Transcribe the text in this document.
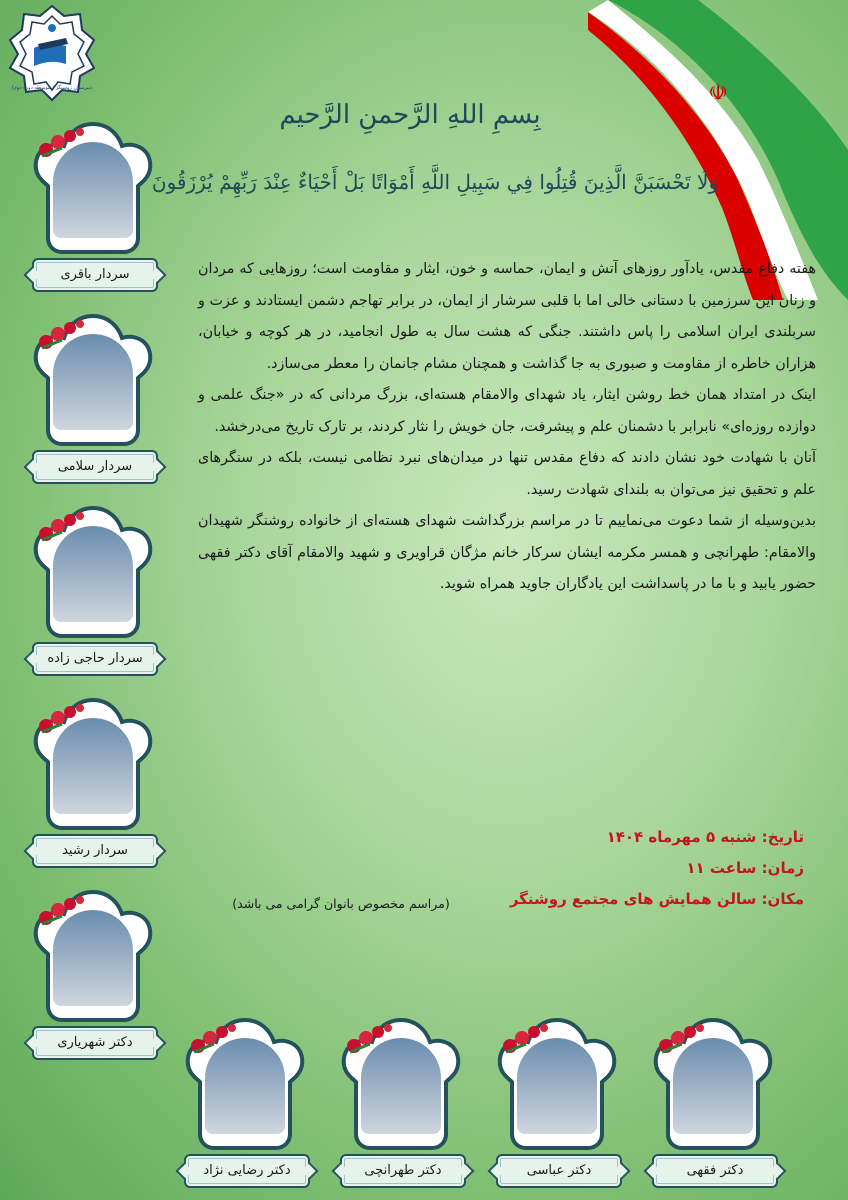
☫
دبیرستان روشنگر (متوسطه دوره دوم)
بِسمِ اللهِ الرَّحمنِ الرَّحیم
وَلَا تَحْسَبَنَّ الَّذِينَ قُتِلُوا فِي سَبِيلِ اللَّهِ أَمْوَاتًا بَلْ أَحْيَاءٌ عِنْدَ رَبِّهِمْ يُرْزَقُونَ

هفته دفاع مقدس، یادآور روزهای آتش و ایمان، حماسه و خون، ایثار و مقاومت است؛ روزهایی که مردان و زنان این سرزمین با دستانی خالی اما با قلبی سرشار از ایمان، در برابر تهاجم دشمن ایستادند و عزت و سربلندی ایران اسلامی را پاس داشتند. جنگی که هشت سال به طول انجامید، در هر کوچه و خیابان، هزاران خاطره از مقاومت و صبوری به جا گذاشت و همچنان مشام جانمان را معطر می‌سازد.

اینک در امتداد همان خط روشن ایثار، یاد شهدای والامقام هسته‌ای، بزرگ مردانی که در «جنگ علمی و دوازده روزه‌ای» نابرابر با دشمنان علم و پیشرفت، جان خویش را نثار کردند، بر تارک تاریخ می‌درخشد.

آنان با شهادت خود نشان دادند که دفاع مقدس تنها در میدان‌های نبرد نظامی نیست، بلکه در سنگرهای علم و تحقیق نیز می‌توان به بلندای شهادت رسید.

بدین‌وسیله از شما دعوت می‌نماییم تا در مراسم بزرگداشت شهدای هسته‌ای از خانواده روشنگر شهیدان والامقام: طهرانچی و همسر مکرمه ایشان سرکار خانم مژگان قراویری و شهید والامقام آقای دکتر فقهی حضور یابید و با ما در پاسداشت این یادگاران جاوید همراه شوید.

تاریخ: شنبه ۵ مهرماه ۱۴۰۴
زمان: ساعت ۱۱
مکان: سالن همایش های مجتمع روشنگر
(مراسم مخصوص بانوان گرامی می باشد)
سردار باقری
سردار سلامی
سردار حاجی زاده
سردار رشید
دکتر شهریاری
دکتر رضایی نژاد	دکتر طهرانچی	دکتر عباسی	دکتر فقهی
